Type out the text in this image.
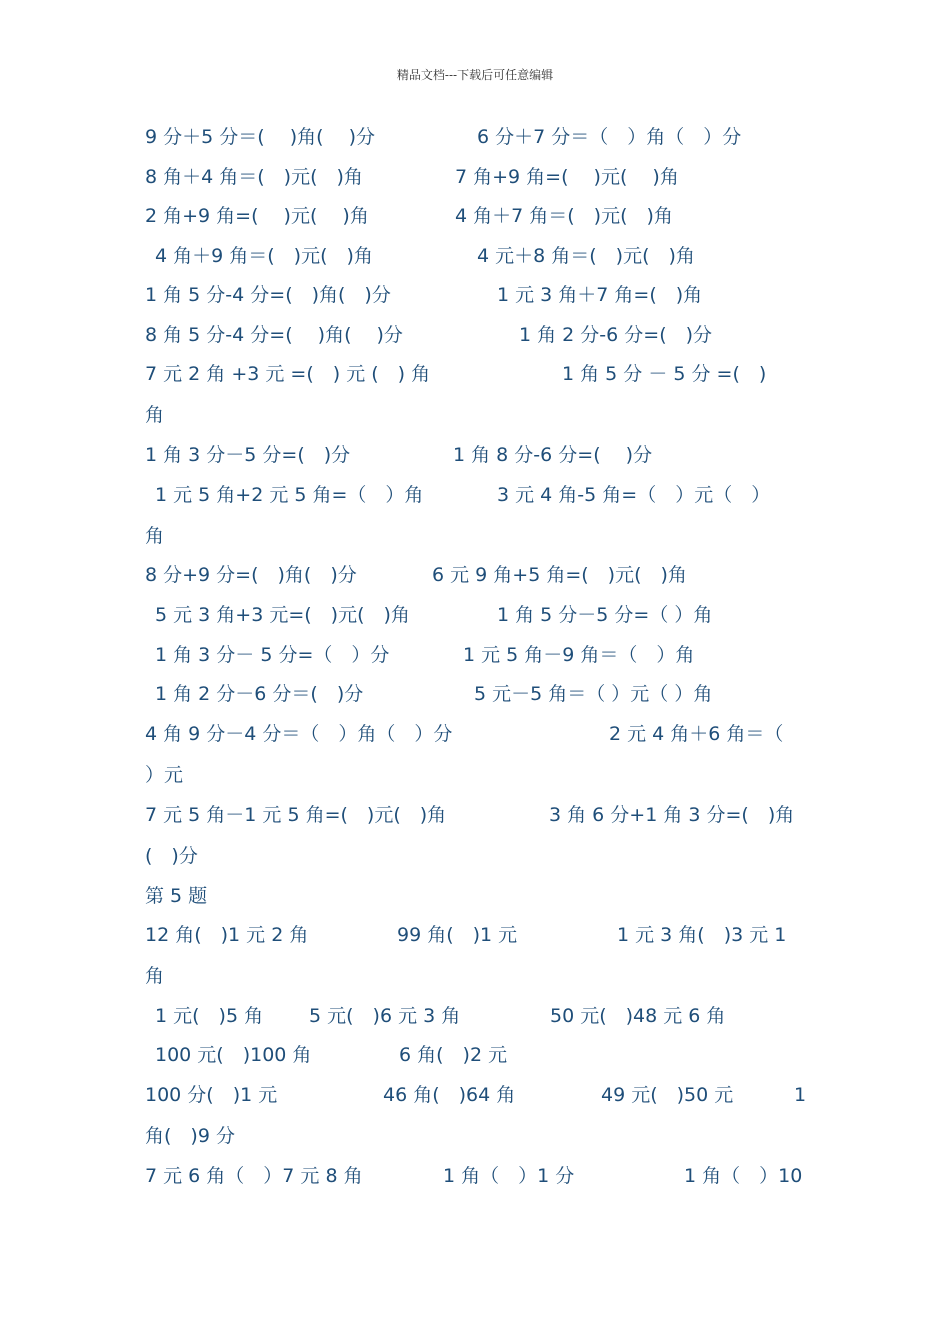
精品文档---下载后可任意编辑

9 分＋5 分＝(　 )角(　 )分

	6 分＋7 分＝（　）角（　）分

8 角＋4 角＝(　)元(　)角

	7 角+9 角=(　 )元(　 )角

2 角+9 角=(　 )元(　 )角

	4 角＋7 角＝(　)元(　)角

4 角＋9 角＝(　)元(　)角

	4 元＋8 角＝(　)元(　)角

1 角 5 分-4 分=(　)角(　)分

	1 元 3 角＋7 角=(　)角

8 角 5 分-4 分=(　 )角(　 )分

	1 角 2 分-6 分=(　)分

7 元 2 角 +3 元 =(　) 元 (　) 角

	1 角 5 分 － 5 分 =(　)

角

1 角 3 分－5 分=(　)分

	1 角 8 分-6 分=(　 )分

1 元 5 角+2 元 5 角=（　）角

	3 元 4 角-5 角=（　）元（　）

角

8 分+9 分=(　)角(　)分

	6 元 9 角+5 角=(　)元(　)角

5 元 3 角+3 元=(　)元(　)角

	1 角 5 分－5 分=（ ）角

1 角 3 分－ 5 分=（　）分

	1 元 5 角－9 角＝（　）角

1 角 2 分－6 分＝(　)分

	5 元－5 角＝（ ）元（ ）角

4 角 9 分－4 分＝（　）角（　）分

	2 元 4 角＋6 角＝（

）元

7 元 5 角－1 元 5 角=(　)元(　)角

	3 角 6 分+1 角 3 分=(　)角

(　)分

第 5 题

12 角(　)1 元 2 角

	99 角(　)1 元

	1 元 3 角(　)3 元 1

角

1 元(　)5 角

5 元(　)6 元 3 角

	50 元(　)48 元 6 角

100 元(　)100 角

	6 角(　)2 元

100 分(　)1 元

	46 角(　)64 角

	49 元(　)50 元

	1

角(　)9 分

7 元 6 角（　）7 元 8 角

	1 角（　）1 分

	1 角（　）10
